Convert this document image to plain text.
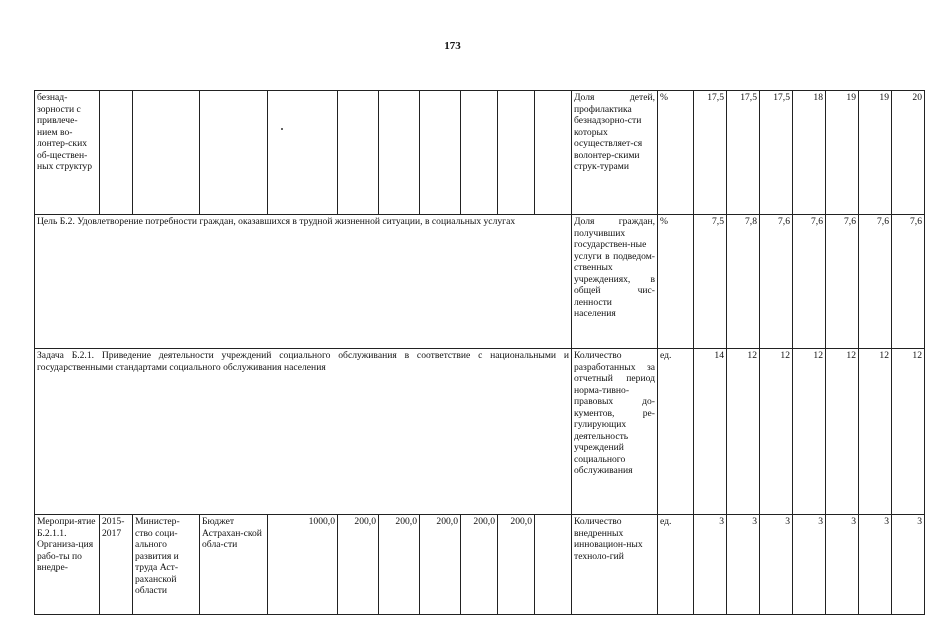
173
безнад-зорности с привлече-нием во-лонтер-ских об-ществен-ных структур											Доля детей, профилактика безнадзорно-сти которых осуществляет-ся волонтер-скими струк-турами	%	17,5	17,5	17,5	18	19	19	20
Цель Б.2. Удовлетворение потребности граждан, оказавшихся в трудной жизненной ситуации, в социальных услугах											Доля граждан, получивших государствен-ные услуги в подведом-ственных учреждениях, в общей чис-ленности населения	%	7,5	7,8	7,6	7,6	7,6	7,6	7,6
Задача Б.2.1. Приведение деятельности учреждений социального обслуживания в соответствие с национальными и государственными стандартами социального обслуживания населения											Количество разработанных за отчетный период норма-тивно-правовых до-кументов, ре-гулирующих деятельность учреждений социального обслуживания	ед.	14	12	12	12	12	12	12
Меропри-ятие Б.2.1.1. Организа-ция рабо-ты по внедре-	2015-2017	Министер-ство соци-ального развития и труда Аст-раханской области	Бюджет Астрахан-ской обла-сти	1000,0	200,0	200,0	200,0	200,0	200,0		Количество внедренных инновацион-ных техноло-гий	ед.	3	3	3	3	3	3	3
